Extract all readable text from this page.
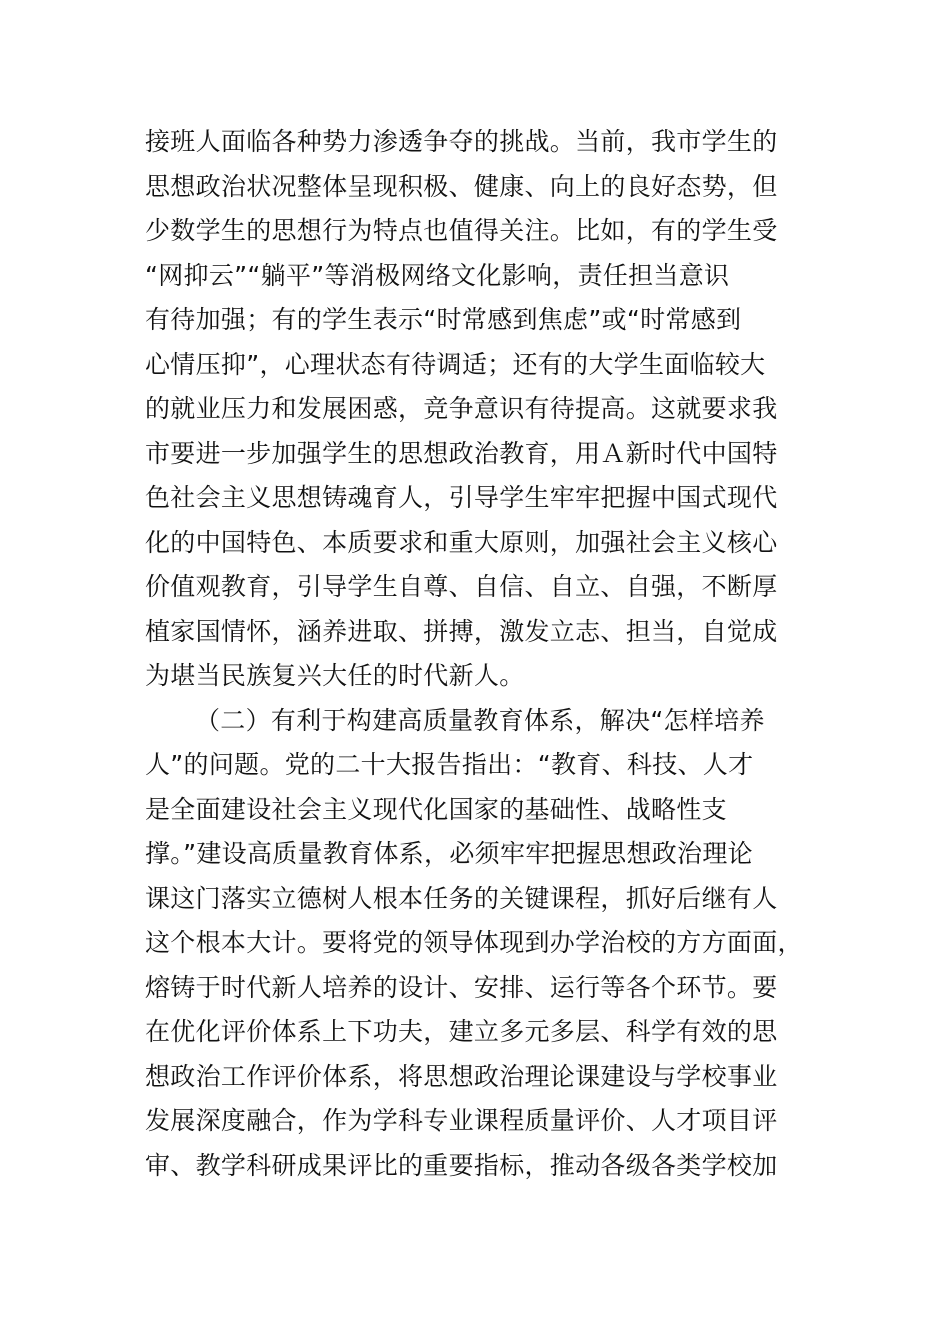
接班人面临各种势力渗透争夺的挑战。当前，我市学生的
思想政治状况整体呈现积极、健康、向上的良好态势，但
少数学生的思想行为特点也值得关注。比如，有的学生受
“网抑云”“躺平”等消极网络文化影响，责任担当意识
有待加强；有的学生表示“时常感到焦虑”或“时常感到
心情压抑”，心理状态有待调适；还有的大学生面临较大
的就业压力和发展困惑，竞争意识有待提高。这就要求我
市要进一步加强学生的思想政治教育，用Ａ新时代中国特
色社会主义思想铸魂育人，引导学生牢牢把握中国式现代
化的中国特色、本质要求和重大原则，加强社会主义核心
价值观教育，引导学生自尊、自信、自立、自强，不断厚
植家国情怀，涵养进取、拼搏，激发立志、担当，自觉成
为堪当民族复兴大任的时代新人。
（二）有利于构建高质量教育体系，解决“怎样培养
人”的问题。党的二十大报告指出：“教育、科技、人才
是全面建设社会主义现代化国家的基础性、战略性支
撑。”建设高质量教育体系，必须牢牢把握思想政治理论
课这门落实立德树人根本任务的关键课程，抓好后继有人
这个根本大计。要将党的领导体现到办学治校的方方面面，
熔铸于时代新人培养的设计、安排、运行等各个环节。要
在优化评价体系上下功夫，建立多元多层、科学有效的思
想政治工作评价体系，将思想政治理论课建设与学校事业
发展深度融合，作为学科专业课程质量评价、人才项目评
审、教学科研成果评比的重要指标，推动各级各类学校加
